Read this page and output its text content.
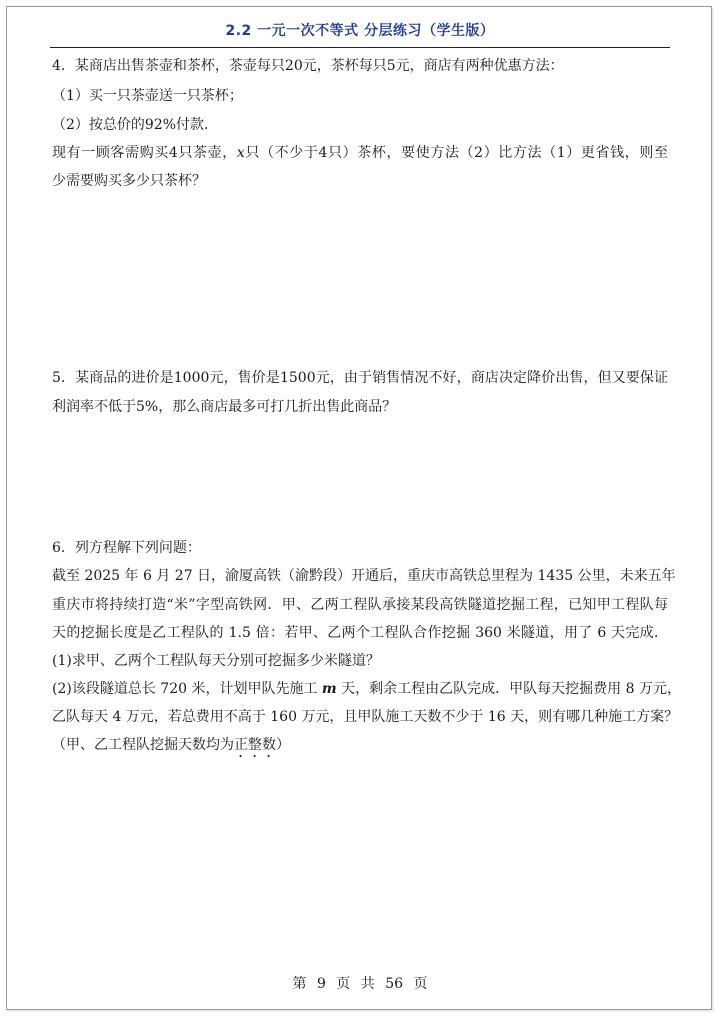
2.2 一元一次不等式 分层练习（学生版）
4．某商店出售茶壶和茶杯，茶壶每只20元，茶杯每只5元，商店有两种优惠方法：
（1）买一只茶壶送一只茶杯；
（2）按总价的92%付款．
现有一顾客需购买4只茶壶，x只（不少于4只）茶杯，要使方法（2）比方法（1）更省钱，则至
少需要购买多少只茶杯？
5．某商品的进价是1000元，售价是1500元，由于销售情况不好，商店决定降价出售，但又要保证
利润率不低于5%，那么商店最多可打几折出售此商品？
6．列方程解下列问题：
截至 2025 年 6 月 27 日，渝厦高铁（渝黔段）开通后，重庆市高铁总里程为 1435 公里，未来五年
重庆市将持续打造“米”字型高铁网．甲、乙两工程队承接某段高铁隧道挖掘工程，已知甲工程队每
天的挖掘长度是乙工程队的 1.5 倍：若甲、乙两个工程队合作挖掘 360 米隧道，用了 6 天完成．
(1)求甲、乙两个工程队每天分别可挖掘多少米隧道？
(2)该段隧道总长 720 米，计划甲队先施工 m 天，剩余工程由乙队完成．甲队每天挖掘费用 8 万元，
乙队每天 4 万元，若总费用不高于 160 万元，且甲队施工天数不少于 16 天，则有哪几种施工方案？
（甲、乙工程队挖掘天数均为正整数）
第 9 页 共 56 页
